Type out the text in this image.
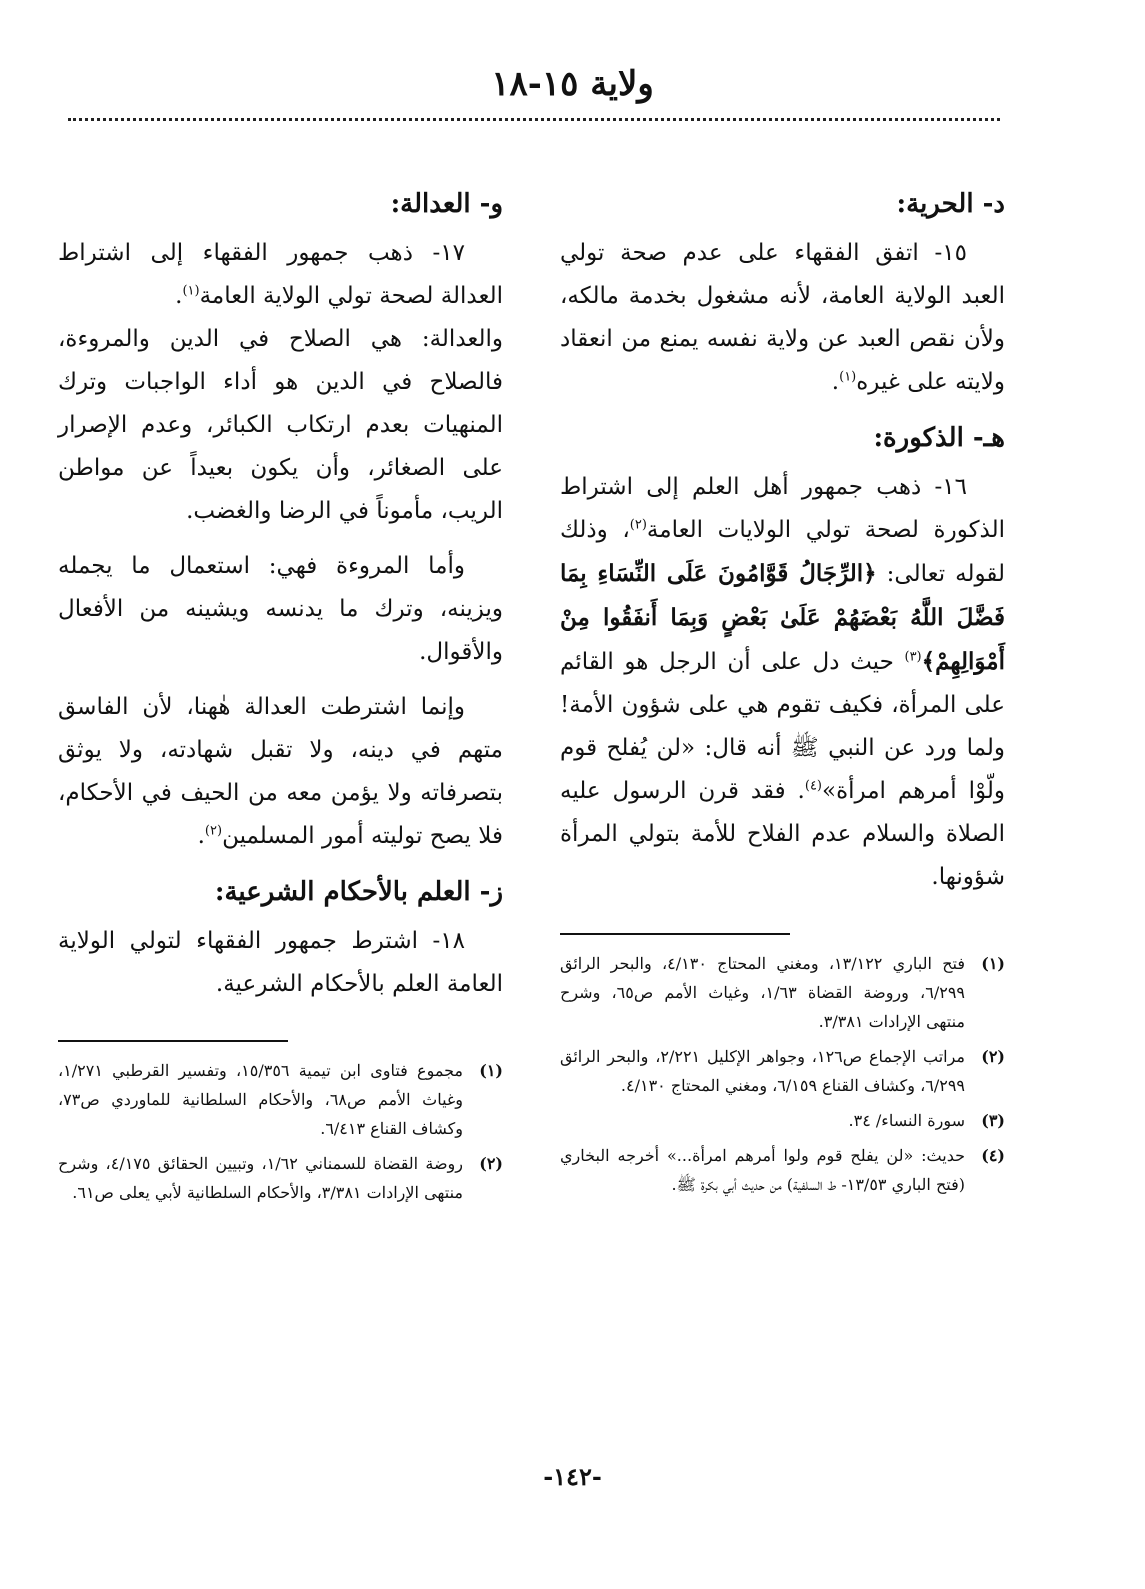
ولاية ١٥-١٨
د- الحرية:

١٥- اتفق الفقهاء على عدم صحة تولي العبد الولاية العامة، لأنه مشغول بخدمة مالكه، ولأن نقص العبد عن ولاية نفسه يمنع من انعقاد ولايته على غيره$^{(١)}$.

هـ- الذكورة:

١٦- ذهب جمهور أهل العلم إلى اشتراط الذكورة لصحة تولي الولايات العامة$^{(٢)}$، وذلك لقوله تعالى: ﴿الرِّجَالُ قَوَّامُونَ عَلَى النِّسَاءِ بِمَا فَضَّلَ اللَّهُ بَعْضَهُمْ عَلَىٰ بَعْضٍ وَبِمَا أَنفَقُوا مِنْ أَمْوَالِهِمْ﴾$^{(٣)}$ حيث دل على أن الرجل هو القائم على المرأة، فكيف تقوم هي على شؤون الأمة! ولما ورد عن النبي ﷺ أنه قال: «لن يُفلح قوم ولّوْا أمرهم امرأة»$^{(٤)}$. فقد قرن الرسول عليه الصلاة والسلام عدم الفلاح للأمة بتولي المرأة شؤونها.

(١)
فتح الباري ١٣/١٢٢، ومغني المحتاج ٤/١٣٠، والبحر الرائق ٦/٢٩٩، وروضة القضاة ١/٦٣، وغياث الأمم ص٦٥، وشرح منتهى الإرادات ٣/٣٨١.
(٢)
مراتب الإجماع ص١٢٦، وجواهر الإكليل ٢/٢٢١، والبحر الرائق ٦/٢٩٩، وكشاف القناع ٦/١٥٩، ومغني المحتاج ٤/١٣٠.
(٣)
سورة النساء/ ٣٤.
(٤)
حديث: «لن يفلح قوم ولوا أمرهم امرأة...» أخرجه البخاري (فتح الباري ١٣/٥٣- ط السلفية) من حديث أبي بكرة ﷺ.
و- العدالة:

١٧- ذهب جمهور الفقهاء إلى اشتراط العدالة لصحة تولي الولاية العامة$^{(١)}$.
والعدالة: هي الصلاح في الدين والمروءة، فالصلاح في الدين هو أداء الواجبات وترك المنهيات بعدم ارتكاب الكبائر، وعدم الإصرار على الصغائر، وأن يكون بعيداً عن مواطن الريب، مأموناً في الرضا والغضب.

وأما المروءة فهي: استعمال ما يجمله ويزينه، وترك ما يدنسه ويشينه من الأفعال والأقوال.

وإنما اشترطت العدالة هٰهنا، لأن الفاسق متهم في دينه، ولا تقبل شهادته، ولا يوثق بتصرفاته ولا يؤمن معه من الحيف في الأحكام، فلا يصح توليته أمور المسلمين$^{(٢)}$.

ز- العلم بالأحكام الشرعية:

١٨- اشترط جمهور الفقهاء لتولي الولاية العامة العلم بالأحكام الشرعية.

(١)
مجموع فتاوى ابن تيمية ١٥/٣٥٦، وتفسير القرطبي ١/٢٧١، وغياث الأمم ص٦٨، والأحكام السلطانية للماوردي ص٧٣، وكشاف القناع ٦/٤١٣.
(٢)
روضة القضاة للسمناني ١/٦٢، وتبيين الحقائق ٤/١٧٥، وشرح منتهى الإرادات ٣/٣٨١، والأحكام السلطانية لأبي يعلى ص٦١.
-١٤٢-
